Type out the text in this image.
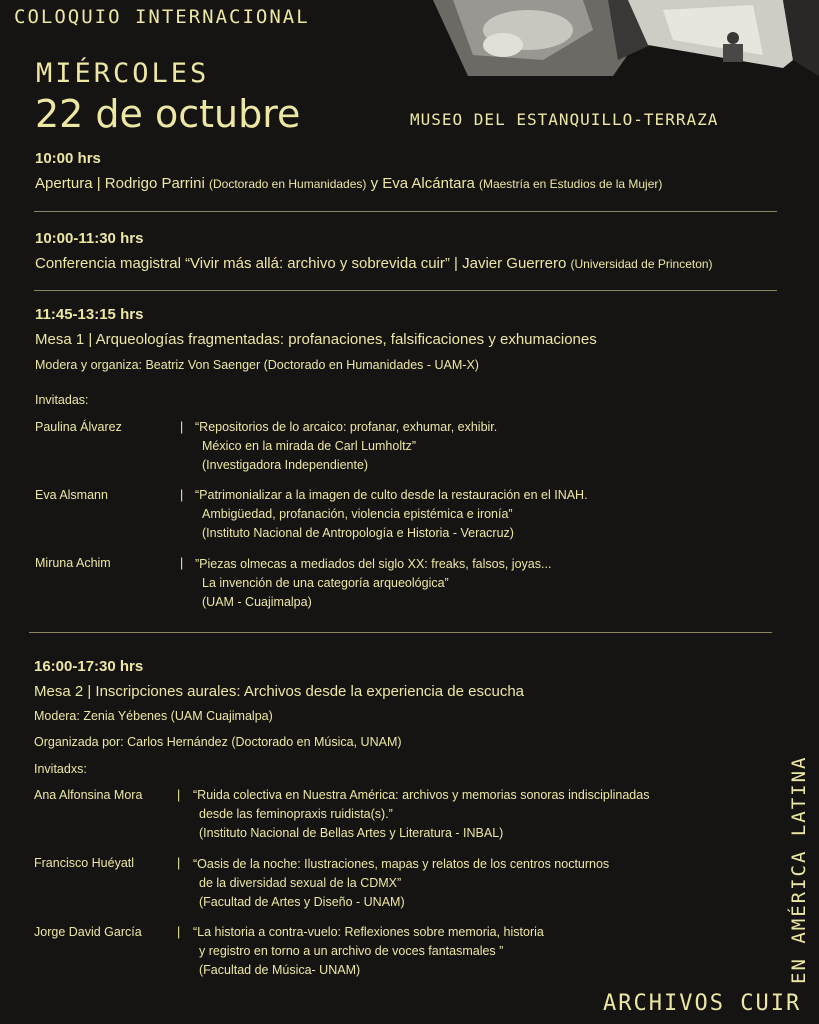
COLOQUIO INTERNACIONAL
MIÉRCOLES
22 de octubre	MUSEO DEL ESTANQUILLO-TERRAZA
10:00 hrs
Apertura | Rodrigo Parrini (Doctorado en Humanidades) y Eva Alcántara (Maestría en Estudios de la Mujer)
10:00-11:30 hrs
Conferencia magistral “Vivir más allá: archivo y sobrevida cuir” | Javier Guerrero (Universidad de Princeton)
11:45-13:15 hrs
Mesa 1 | Arqueologías fragmentadas: profanaciones, falsificaciones y exhumaciones
Modera y organiza: Beatriz Von Saenger (Doctorado en Humanidades - UAM-X)
Invitadas:
Paulina Álvarez	| “Repositorios de lo arcaico: profanar, exhumar, exhibir.
México en la mirada de Carl Lumholtz”
(Investigadora Independiente)
Eva Alsmann	| “Patrimonializar a la imagen de culto desde la restauración en el INAH.
Ambigüedad, profanación, violencia epistémica e ironía”
(Instituto Nacional de Antropología e Historia - Veracruz)
Miruna Achim	| ”Piezas olmecas a mediados del siglo XX: freaks, falsos, joyas...
La invención de una categoría arqueológica”
(UAM - Cuajimalpa)
16:00-17:30 hrs
Mesa 2 | Inscripciones aurales: Archivos desde la experiencia de escucha
Modera: Zenia Yébenes (UAM Cuajimalpa)
Organizada por: Carlos Hernández (Doctorado en Música, UNAM)
Invitadxs:
Ana Alfonsina Mora	| “Ruida colectiva en Nuestra América: archivos y memorias sonoras indisciplinadas
desde las feminopraxis ruidista(s).”
(Instituto Nacional de Bellas Artes y Literatura - INBAL)
Francisco Huéyatl	| “Oasis de la noche: Ilustraciones, mapas y relatos de los centros nocturnos
de la diversidad sexual de la CDMX”
(Facultad de Artes y Diseño - UNAM)
Jorge David García	| “La historia a contra-vuelo: Reflexiones sobre memoria, historia
y registro en torno a un archivo de voces fantasmales ”
(Facultad de Música- UNAM)	EN AMÉRICA LATINA
ARCHIVOS CUIR
